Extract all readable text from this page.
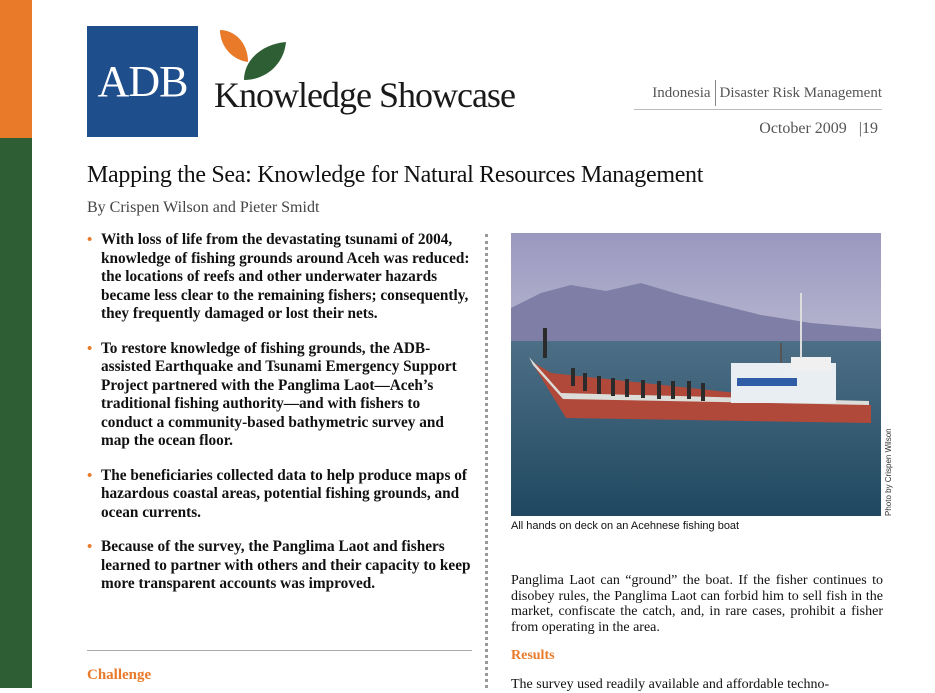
ADB Knowledge Showcase	Indonesia Disaster Risk Management
October 2009 |19
Mapping the Sea: Knowledge for Natural Resources Management
By Crispen Wilson and Pieter Smidt
• With loss of life from the devastating tsunami of 2004, knowledge of fishing grounds around Aceh was reduced: the locations of reefs and other underwater hazards became less clear to the remaining fishers; consequently, they frequently damaged or lost their nets.
• To restore knowledge of fishing grounds, the ADB-assisted Earthquake and Tsunami Emergency Support Project partnered with the Panglima Laot—Aceh’s traditional fishing authority—and with fishers to conduct a community-based bathymetric survey and map the ocean floor.
• The beneficiaries collected data to help produce maps of hazardous coastal areas, potential fishing grounds, and ocean currents.
• Because of the survey, the Panglima Laot and fishers learned to partner with others and their capacity to keep more transparent accounts was improved.
Challenge
Photo by Crispen Wilson
All hands on deck on an Acehnese fishing boat
Panglima Laot can “ground” the boat. If the fisher continues to disobey rules, the Panglima Laot can forbid him to sell fish in the market, confiscate the catch, and, in rare cases, prohibit a fisher from operating in the area.
Results
The survey used readily available and affordable techno-
